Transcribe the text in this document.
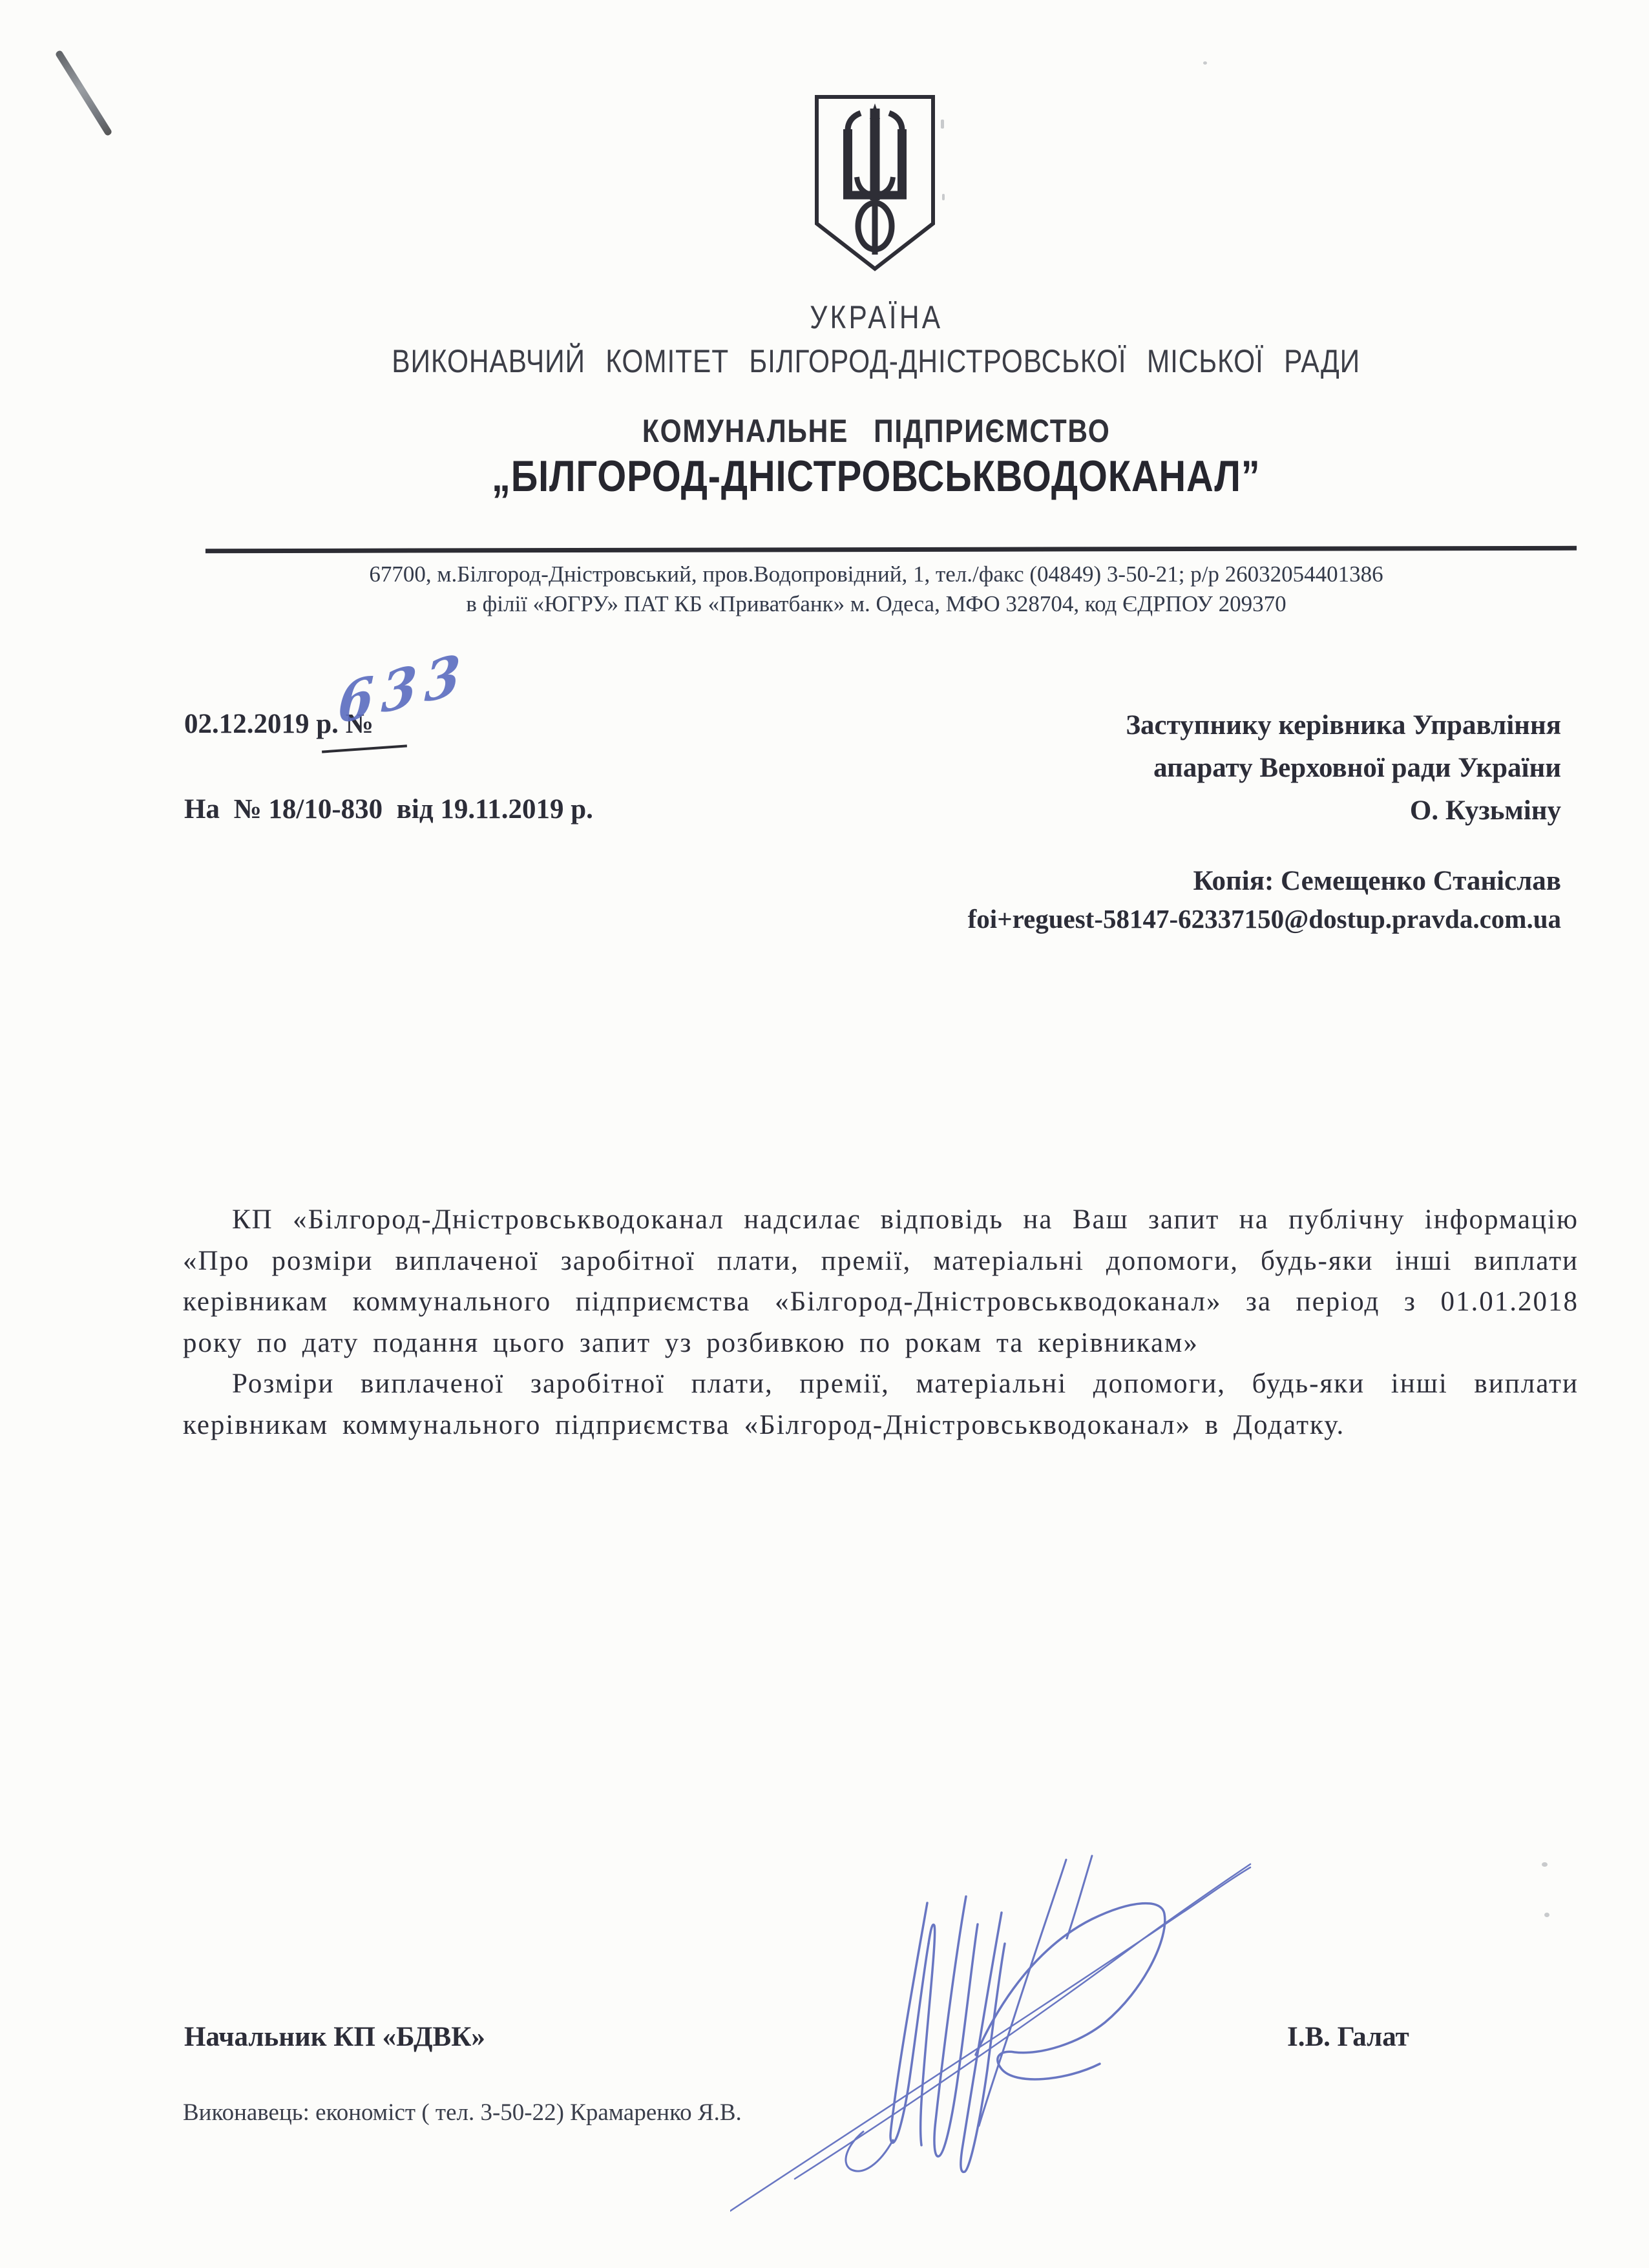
УКРАЇНА
ВИКОНАВЧИЙ КОМІТЕТ БІЛГОРОД-ДНІСТРОВСЬКОЇ МІСЬКОЇ РАДИ
КОМУНАЛЬНЕ ПІДПРИЄМСТВО
„БІЛГОРОД-ДНІСТРОВСЬКВОДОКАНАЛ”
67700, м.Білгород-Дністровський, пров.Водопровідний, 1, тел./факс (04849) 3-50-21; р/р 26032054401386
в філії «ЮГРУ» ПАТ КБ «Приватбанк» м. Одеса, МФО 328704, код ЄДРПОУ 209370
02.12.2019 р. №
633
На  № 18/10-830  від 19.11.2019 р.
Заступнику керівника Управління
апарату Верховної ради України
О. Кузьміну
Копія: Семещенко Станіслав
foi+reguest-58147-62337150@dostup.pravda.com.ua

КП «Білгород-Дністровськводоканал надсилає відповідь на Ваш запит на публічну інформацію «Про розміри виплаченої заробітної плати, премії, матеріальні допомоги, будь-яки інші виплати керівникам коммунального підприємства «Білгород-Дністровськводоканал» за період з 01.01.2018 року по дату подання цього запит уз розбивкою по рокам та керівникам»

Розміри виплаченої заробітної плати, премії, матеріальні допомоги, будь-яки інші виплати керівникам коммунального підприємства «Білгород-Дністровськводоканал» в Додатку.

Начальник КП «БДВК»	І.В. Галат
Виконавець: економіст ( тел. 3-50-22) Крамаренко Я.В.
